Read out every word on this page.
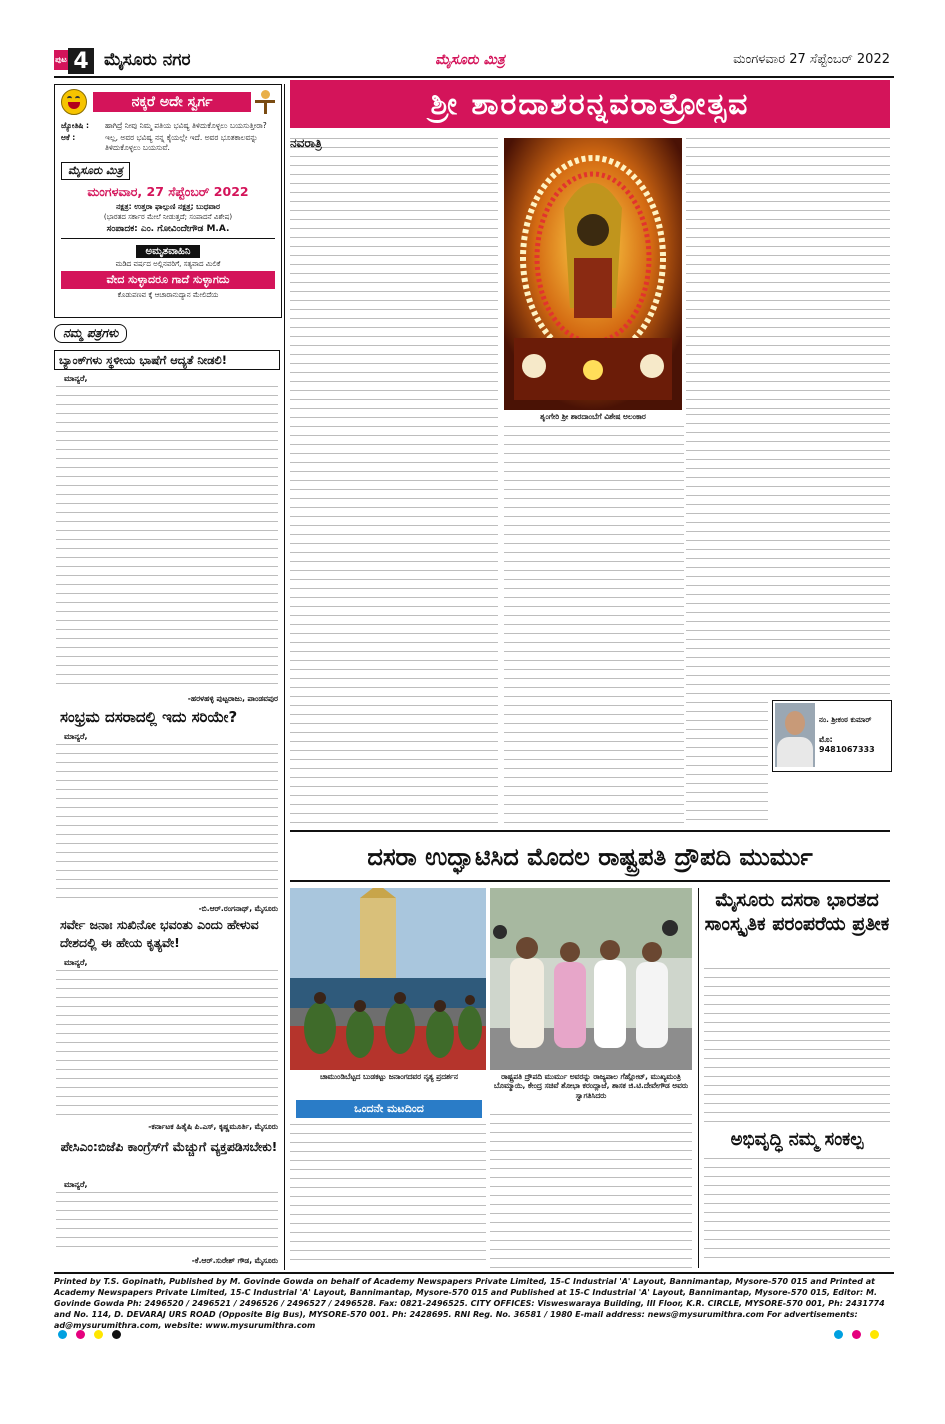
ಪುಟ 4 ಮೈಸೂರು ನಗರ	ಮೈಸೂರು ಮಿತ್ರ	ಮಂಗಳವಾರ 27 ಸೆಪ್ಟೆಂಬರ್ 2022
ನಕ್ಕರೆ ಅದೇ ಸ್ವರ್ಗ
ಜ್ಯೋತಿಷಿ :	ಹಾಗಿದ್ರೆ ನೀವು ನಿಮ್ಮ ಪತಿಯ ಭವಿಷ್ಯ ತಿಳಿದುಕೊಳ್ಳಲು ಬಯಸುತ್ತೀರಾ?
ಆಕೆ :	ಇಲ್ಲ, ಅವರ ಭವಿಷ್ಯ ನನ್ನ ಕೈಯಲ್ಲೇ ಇದೆ. ಅವರ ಭೂತಕಾಲವನ್ನು ತಿಳಿದುಕೊಳ್ಳಲು ಬಯಸುವೆ.
ಮೈಸೂರು ಮಿತ್ರ
ಮಂಗಳವಾರ, 27 ಸೆಪ್ಟೆಂಬರ್ 2022
ನಕ್ಷತ್ರ: ಉತ್ತರಾ ಫಾಲ್ಗುಣಿ ನಕ್ಷತ್ರ; ಬುಧವಾರ
(ಭಾರತದ ಸರ್ಕಾರ ಮೇಲೆ ನೀಡುತ್ತದೆ; ಸಂಪಾದನೆ ವಿಶೇಷ)
ಸಂಪಾದಕ: ಎಂ. ಗೋವಿಂದೇಗೌಡ M.A.
ಅಮೃತವಾಹಿನಿ
ಮಡಿದ ವರ್ಷದ ಅಲ್ಲಿನವರಿಗೆ, ಸತ್ಯವಾದ ಮಿಲಿಕೆ
ವೇದ ಸುಳ್ಳಾದರೂ ಗಾದೆ ಸುಳ್ಳಾಗದು
ಕೊಡುಪಣವ ಕ್ಕೆ ಆಚಾರಾನುದ್ಯಾನ ಮೇಲಿದೆಯ
ನಮ್ಮ ಪತ್ರಗಳು
ಬ್ಯಾಂಕ್‍ಗಳು ಸ್ಥಳೀಯ ಭಾಷೆಗೆ ಆದ್ಯತೆ ನೀಡಲಿ!
ಮಾನ್ಯರೆ,
-ಹರಳಹಳ್ಳಿ ಪುಟ್ಟರಾಜು, ಪಾಂಡವಪುರ
ಸಂಭ್ರಮ ದಸರಾದಲ್ಲಿ ಇದು ಸರಿಯೇ?
ಮಾನ್ಯರೆ,
-ಬಿ.ಆರ್.ರಂಗನಾಥ್, ಮೈಸೂರು
ಸರ್ವೇ ಜನಾಃ ಸುಖಿನೋ ಭವಂತು ಎಂದು ಹೇಳುವ ದೇಶದಲ್ಲಿ ಈ ಹೇಯ ಕೃತ್ಯವೇ!
ಮಾನ್ಯರೆ,
-ಕರ್ನಾಟಕ ಹಿತೈಷಿ ಪಿ.ಎಸ್, ಕೃಷ್ಣಮೂರ್ತಿ, ಮೈಸೂರು
ಪೇಸಿಎಂ:ಬಿಜೆಪಿ ಕಾಂಗ್ರೆಸ್‍ಗೆ ಮೆಚ್ಚುಗೆ ವ್ಯಕ್ತಪಡಿಸಬೇಕು!
ಮಾನ್ಯರೆ,
-ಕೆ.ಆರ್.ಸುರೇಶ್ ಗೌಡ, ಮೈಸೂರು
ಶ್ರೀ ಶಾರದಾಶರನ್ನವರಾತ್ರೋತ್ಸವ
ನವರಾತ್ರಿ
ಶೃಂಗೇರಿ ಶ್ರೀ ಶಾರದಾಂಬೆಗೆ ವಿಶೇಷ ಅಲಂಕಾರ
ನಂ. ಶ್ರೀಕಂಠ ಕುಮಾರ್
ಮೊ: 9481067333
ದಸರಾ ಉದ್ಘಾಟಿಸಿದ ಮೊದಲ ರಾಷ್ಟ್ರಪತಿ ದ್ರೌಪದಿ ಮುರ್ಮು
ಚಾಮುಂಡಿಬೆಟ್ಟದ ಬುಡಕಟ್ಟು ಜನಾಂಗದವರ ನೃತ್ಯ ಪ್ರದರ್ಶನ	ರಾಷ್ಟ್ರಪತಿ ದ್ರೌಪದಿ ಮುರ್ಮು ಅವರನ್ನು ರಾಜ್ಯಪಾಲ ಗೆಹ್ಲೋಟ್, ಮುಖ್ಯಮಂತ್ರಿ ಬೊಮ್ಮಾಯಿ, ಕೇಂದ್ರ ಸಚಿವೆ ಶೋಭಾ ಕರಂದ್ಲಾಜೆ, ಶಾಸಕ ಜಿ.ಟಿ.ದೇವೇಗೌಡ ಅವರು ಸ್ವಾಗತಿಸಿದರು
ಮೈಸೂರು ದಸರಾ ಭಾರತದ ಸಾಂಸ್ಕೃತಿಕ ಪರಂಪರೆಯ ಪ್ರತೀಕ
ಅಭಿವೃದ್ಧಿ ನಮ್ಮ ಸಂಕಲ್ಪ
ಒಂದನೇ ಮಟದಿಂದ
Printed by T.S. Gopinath, Published by M. Govinde Gowda on behalf of Academy Newspapers Private Limited, 15-C Industrial 'A' Layout, Bannimantap, Mysore-570 015 and Printed at Academy Newspapers Private Limited, 15-C Industrial 'A' Layout, Bannimantap, Mysore-570 015 and Published at 15-C Industrial 'A' Layout, Bannimantap, Mysore-570 015, Editor: M. Govinde Gowda Ph: 2496520 / 2496521 / 2496526 / 2496527 / 2496528. Fax: 0821-2496525. CITY OFFICES: Visweswaraya Building, III Floor, K.R. CIRCLE, MYSORE-570 001, Ph: 2431774 and No. 114, D. DEVARAJ URS ROAD (Opposite Big Bus), MYSORE-570 001. Ph: 2428695. RNI Reg. No. 36581 / 1980 E-mail address: news@mysurumithra.com For advertisements: ad@mysurumithra.com, website: www.mysurumithra.com
